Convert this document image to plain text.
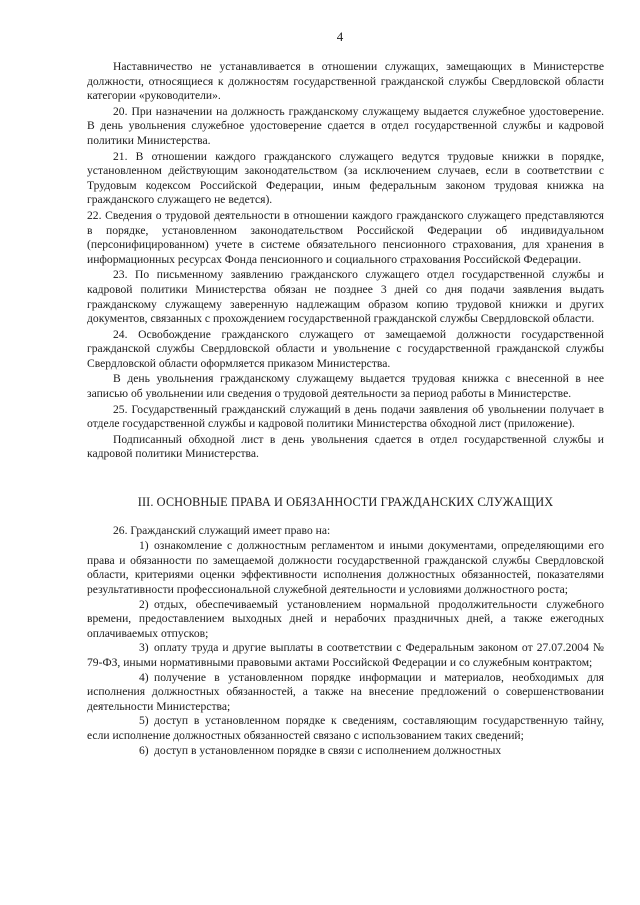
4

Наставничество не устанавливается в отношении служащих, замещающих в Министерстве должности, относящиеся к должностям государственной гражданской службы Свердловской области категории «руководители».

20. При назначении на должность гражданскому служащему выдается служебное удостоверение. В день увольнения служебное удостоверение сдается в отдел государственной службы и кадровой политики Министерства.

21. В отношении каждого гражданского служащего ведутся трудовые книжки в порядке, установленном действующим законодательством (за исключением случаев, если в соответствии с Трудовым кодексом Российской Федерации, иным федеральным законом трудовая книжка на гражданского служащего не ведется).

22. Сведения о трудовой деятельности в отношении каждого гражданского служащего представляются в порядке, установленном законодательством Российской Федерации об индивидуальном (персонифицированном) учете в системе обязательного пенсионного страхования, для хранения в информационных ресурсах Фонда пенсионного и социального страхования Российской Федерации.

23. По письменному заявлению гражданского служащего отдел государственной службы и кадровой политики Министерства обязан не позднее 3 дней со дня подачи заявления выдать гражданскому служащему заверенную надлежащим образом копию трудовой книжки и других документов, связанных с прохождением государственной гражданской службы Свердловской области.

24. Освобождение гражданского служащего от замещаемой должности государственной гражданской службы Свердловской области и увольнение с государственной гражданской службы Свердловской области оформляется приказом Министерства.

В день увольнения гражданскому служащему выдается трудовая книжка с внесенной в нее записью об увольнении или сведения о трудовой деятельности за период работы в Министерстве.

25. Государственный гражданский служащий в день подачи заявления об увольнении получает в отделе государственной службы и кадровой политики Министерства обходной лист (приложение).

Подписанный обходной лист в день увольнения сдается в отдел государственной службы и кадровой политики Министерства.

III. ОСНОВНЫЕ ПРАВА И ОБЯЗАННОСТИ ГРАЖДАНСКИХ СЛУЖАЩИХ

26. Гражданский служащий имеет право на:

1) ознакомление с должностным регламентом и иными документами, определяющими его права и обязанности по замещаемой должности государственной гражданской службы Свердловской области, критериями оценки эффективности исполнения должностных обязанностей, показателями результативности профессиональной служебной деятельности и условиями должностного роста;

2) отдых, обеспечиваемый установлением нормальной продолжительности служебного времени, предоставлением выходных дней и нерабочих праздничных дней, а также ежегодных оплачиваемых отпусков;

3) оплату труда и другие выплаты в соответствии с Федеральным законом от 27.07.2004 № 79-ФЗ, иными нормативными правовыми актами Российской Федерации и со служебным контрактом;

4) получение в установленном порядке информации и материалов, необходимых для исполнения должностных обязанностей, а также на внесение предложений о совершенствовании деятельности Министерства;

5) доступ в установленном порядке к сведениям, составляющим государственную тайну, если исполнение должностных обязанностей связано с использованием таких сведений;

6) доступ в установленном порядке в связи с исполнением должностных
